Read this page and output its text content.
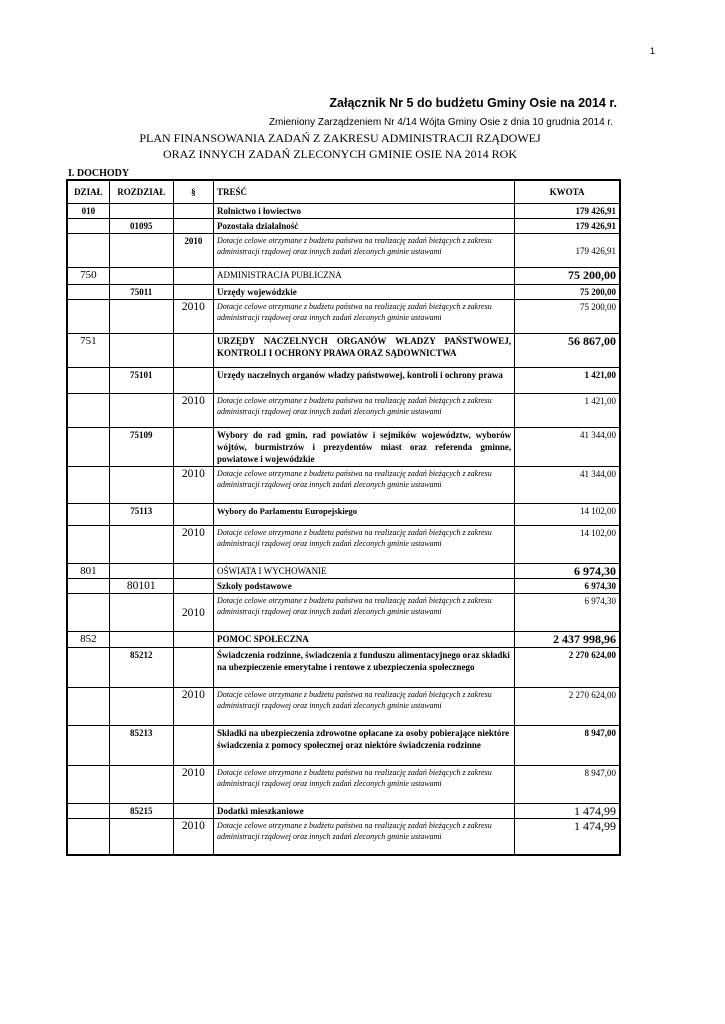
1
Załącznik Nr 5 do budżetu Gminy Osie na 2014 r.
Zmieniony Zarządzeniem Nr 4/14 Wójta Gminy Osie z dnia 10 grudnia 2014 r.
PLAN FINANSOWANIA ZADAŃ Z ZAKRESU ADMINISTRACJI RZĄDOWEJ
ORAZ INNYCH ZADAŃ ZLECONYCH GMINIE OSIE NA 2014 ROK
I. DOCHODY
DZIAŁ	ROZDZIAŁ	§	TREŚĆ	KWOTA
010			Rolnictwo i łowiectwo	179 426,91
	01095		Pozostała działalność	179 426,91
		2010	Dotacje celowe otrzymane z budżetu państwa na realizację zadań bieżących z zakresu administracji rządowej oraz innych zadań zleconych gminie ustawami	179 426,91
750			ADMINISTRACJA PUBLICZNA	75 200,00
	75011		Urzędy wojewódzkie	75 200,00
		2010	Dotacje celowe otrzymane z budżetu państwa na realizację zadań bieżących z zakresu administracji rządowej oraz innych zadań zleconych gminie ustawami	75 200,00
751			URZĘDY NACZELNYCH ORGANÓW WŁADZY PAŃSTWOWEJ, KONTROLI I OCHRONY PRAWA ORAZ SĄDOWNICTWA	56 867,00
	75101		Urzędy naczelnych organów władzy państwowej, kontroli i ochrony prawa	1 421,00
		2010	Dotacje celowe otrzymane z budżetu państwa na realizację zadań bieżących z zakresu administracji rządowej oraz innych zadań zleconych gminie ustawami	1 421,00
	75109		Wybory do rad gmin, rad powiatów i sejmików województw, wyborów wójtów, burmistrzów i prezydentów miast oraz referenda gminne, powiatowe i wojewódzkie	41 344,00
		2010	Dotacje celowe otrzymane z budżetu państwa na realizację zadań bieżących z zakresu administracji rządowej oraz innych zadań zleconych gminie ustawami	41 344,00
	75113		Wybory do Parlamentu Europejskiego	14 102,00
		2010	Dotacje celowe otrzymane z budżetu państwa na realizację zadań bieżących z zakresu administracji rządowej oraz innych zadań zleconych gminie ustawami	14 102,00
801			OŚWIATA I WYCHOWANIE	6 974,30
	80101		Szkoły podstawowe	6 974,30
		2010	Dotacje celowe otrzymane z budżetu państwa na realizację zadań bieżących z zakresu administracji rządowej oraz innych zadań zleconych gminie ustawami	6 974,30
852			POMOC SPOŁECZNA	2 437 998,96
	85212		Świadczenia rodzinne, świadczenia z funduszu alimentacyjnego oraz składki na ubezpieczenie emerytalne i rentowe z ubezpieczenia społecznego	2 270 624,00
		2010	Dotacje celowe otrzymane z budżetu państwa na realizację zadań bieżących z zakresu administracji rządowej oraz innych zadań zleconych gminie ustawami	2 270 624,00
	85213		Składki na ubezpieczenia zdrowotne opłacane za osoby pobierające niektóre świadczenia z pomocy społecznej oraz niektóre świadczenia rodzinne	8 947,00
		2010	Dotacje celowe otrzymane z budżetu państwa na realizację zadań bieżących z zakresu administracji rządowej oraz innych zadań zleconych gminie ustawami	8 947,00
	85215		Dodatki mieszkaniowe	1 474,99
		2010	Dotacje celowe otrzymane z budżetu państwa na realizację zadań bieżących z zakresu administracji rządowej oraz innych zadań zleconych gminie ustawami	1 474,99
